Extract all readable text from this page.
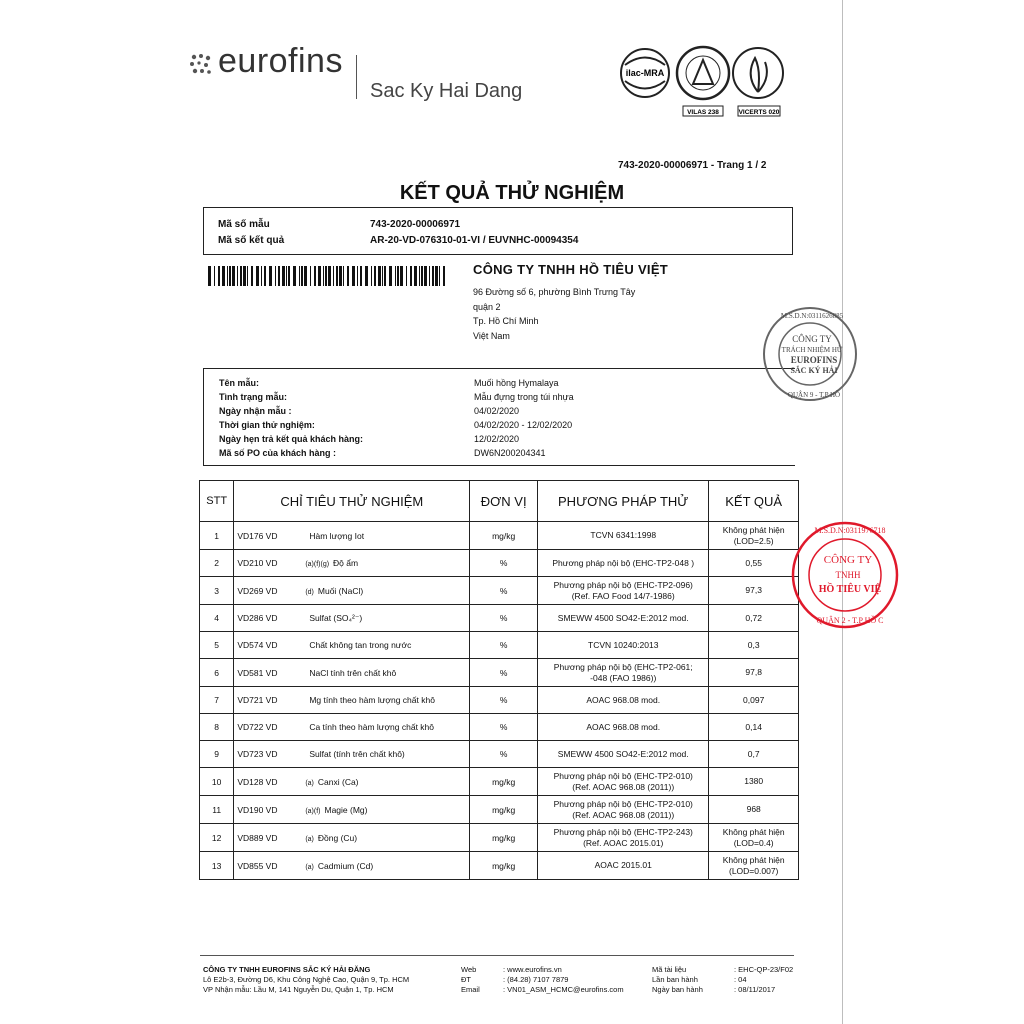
eurofins
Sac Ky Hai Dang
ilac-MRA
VILAS 238	VICERTS 020
743-2020-00006971 - Trang 1 / 2
KẾT QUẢ THỬ NGHIỆM
Mã số mẫu	743-2020-00006971
Mã số kết quả	AR-20-VD-076310-01-VI / EUVNHC-00094354
CÔNG TY TNHH HỒ TIÊU VIỆT
96 Đường số 6, phường Bình Trưng Tây
quận 2
Tp. Hồ Chí Minh
Việt Nam
Tên mẫu:	Muối hồng Hymalaya
Tình trạng mẫu:	Mẫu đựng trong túi nhựa
Ngày nhận mẫu :	04/02/2020
Thời gian thử nghiệm:	04/02/2020 - 12/02/2020
Ngày hẹn trả kết quả khách hàng:	12/02/2020
Mã số PO của khách hàng :	DW6N200204341
STT	CHỈ TIÊU THỬ NGHIỆM	ĐƠN VỊ	PHƯƠNG PHÁP THỬ	KẾT QUẢ
1	VD176 VD Hàm lượng Iot	mg/kg	TCVN 6341:1998	Không phát hiện
(LOD=2.5)
2	VD210 VD (a)(f)(g) Độ ẩm	%	Phương pháp nội bộ (EHC-TP2-048 )	0,55
3	VD269 VD (d) Muối (NaCl)	%	Phương pháp nội bộ (EHC-TP2-096)
(Ref. FAO Food 14/7-1986)	97,3
4	VD286 VD Sulfat (SO₄²⁻)	%	SMEWW 4500 SO42-E:2012 mod.	0,72
5	VD574 VD Chất không tan trong nước	%	TCVN 10240:2013	0,3
6	VD581 VD NaCl tính trên chất khô	%	Phương pháp nội bộ (EHC-TP2-061;
-048 (FAO 1986))	97,8
7	VD721 VD Mg tính theo hàm lượng chất khô	%	AOAC 968.08 mod.	0,097
8	VD722 VD Ca tính theo hàm lượng chất khô	%	AOAC 968.08 mod.	0,14
9	VD723 VD Sulfat (tính trên chất khô)	%	SMEWW 4500 SO42-E:2012 mod.	0,7
10	VD128 VD (a) Canxi (Ca)	mg/kg	Phương pháp nội bộ (EHC-TP2-010)
(Ref. AOAC 968.08 (2011))	1380
11	VD190 VD (a)(f) Magie (Mg)	mg/kg	Phương pháp nội bộ (EHC-TP2-010)
(Ref. AOAC 968.08 (2011))	968
12	VD889 VD (a) Đồng (Cu)	mg/kg	Phương pháp nội bộ (EHC-TP2-243)
(Ref. AOAC 2015.01)	Không phát hiện
(LOD=0.4)
13	VD855 VD (a) Cadmium (Cd)	mg/kg	AOAC 2015.01	Không phát hiện
(LOD=0.007)
CÔNG TY
TRÁCH NHIỆM HỮ
EUROFINS
SẮC KÝ HẢI
M.S.D.N:0311626885
QUẬN 9 - T.P HỒ
CÔNG TY
TNHH
HỒ TIÊU VIỆ
M.S.D.N:0311976718
QUẬN 2 - T.P HỒ C
CÔNG TY TNHH EUROFINS SẮC KÝ HẢI ĐĂNG
Lô E2b-3, Đường D6, Khu Công Nghệ Cao, Quận 9, Tp. HCM
VP Nhận mẫu: Lầu M, 141 Nguyễn Du, Quận 1, Tp. HCM
Web
ĐT
Email
: www.eurofins.vn
: (84.28) 7107 7879
: VN01_ASM_HCMC@eurofins.com
Mã tài liệu
Lần ban hành
Ngày ban hành
: EHC-QP-23/F02
: 04
: 08/11/2017
